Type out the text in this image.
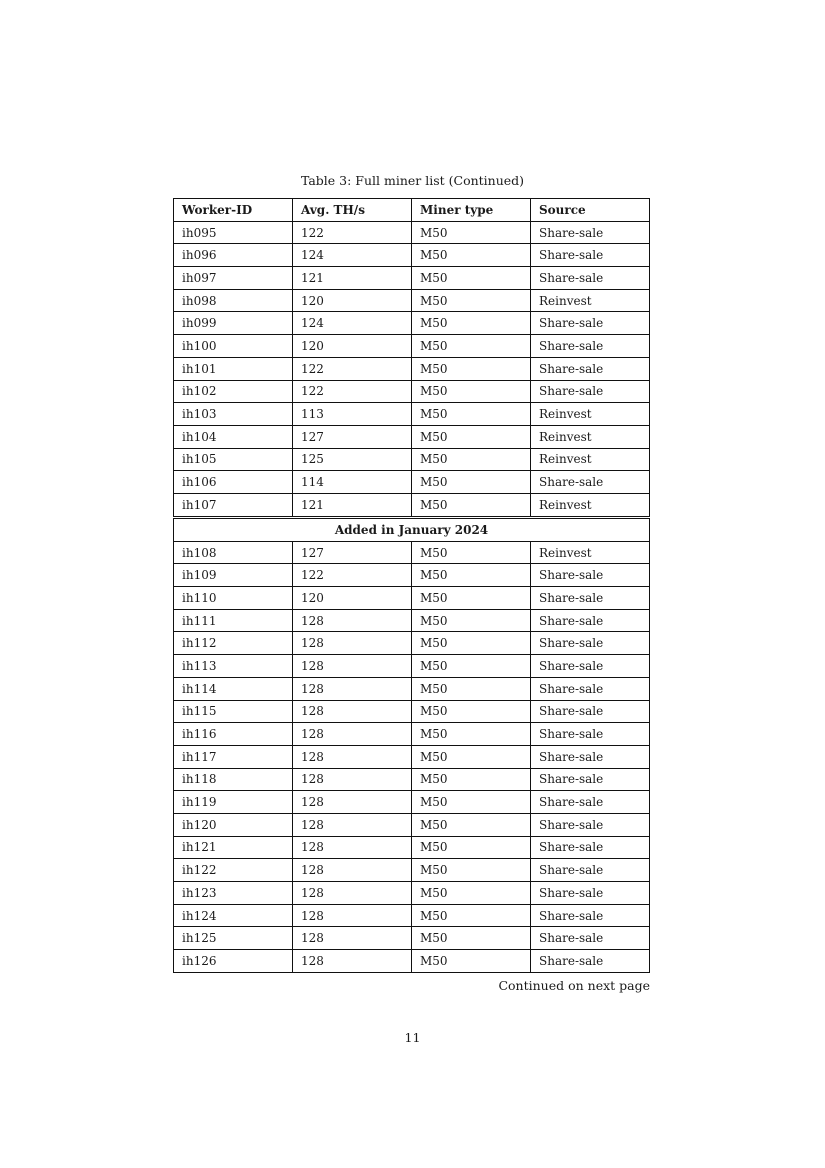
Table 3: Full miner list (Continued)
Worker-ID	Avg. TH/s	Miner type	Source
ih095	122	M50	Share-sale
ih096	124	M50	Share-sale
ih097	121	M50	Share-sale
ih098	120	M50	Reinvest
ih099	124	M50	Share-sale
ih100	120	M50	Share-sale
ih101	122	M50	Share-sale
ih102	122	M50	Share-sale
ih103	113	M50	Reinvest
ih104	127	M50	Reinvest
ih105	125	M50	Reinvest
ih106	114	M50	Share-sale
ih107	121	M50	Reinvest
Added in January 2024			
ih108	127	M50	Reinvest
ih109	122	M50	Share-sale
ih110	120	M50	Share-sale
ih111	128	M50	Share-sale
ih112	128	M50	Share-sale
ih113	128	M50	Share-sale
ih114	128	M50	Share-sale
ih115	128	M50	Share-sale
ih116	128	M50	Share-sale
ih117	128	M50	Share-sale
ih118	128	M50	Share-sale
ih119	128	M50	Share-sale
ih120	128	M50	Share-sale
ih121	128	M50	Share-sale
ih122	128	M50	Share-sale
ih123	128	M50	Share-sale
ih124	128	M50	Share-sale
ih125	128	M50	Share-sale
ih126	128	M50	Share-sale
Continued on next page
11
